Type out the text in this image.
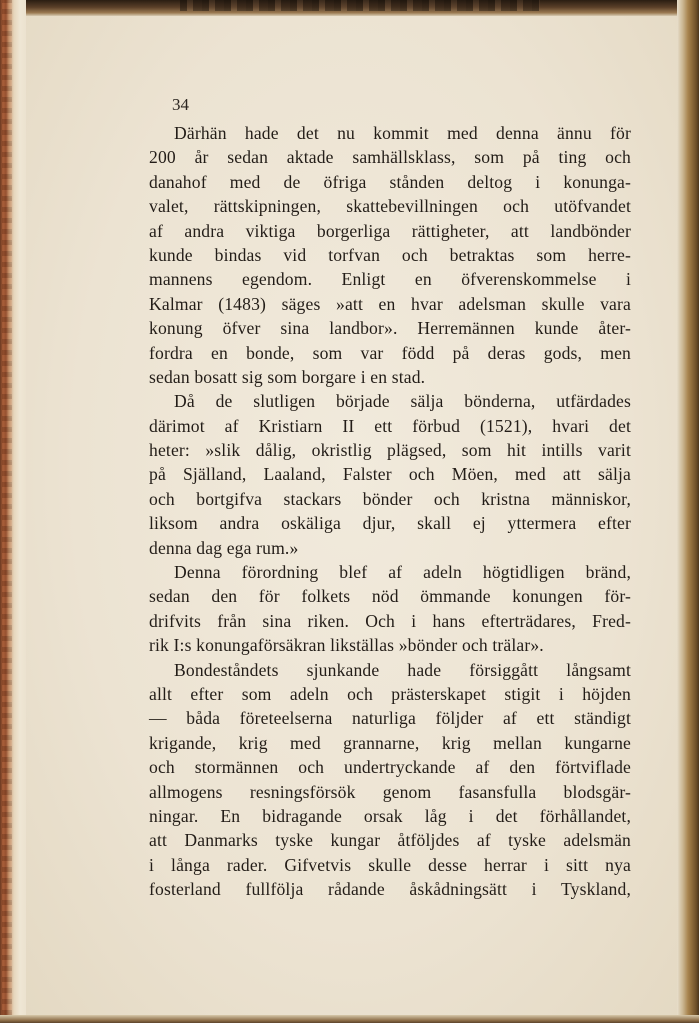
34
Därhän hade det nu kommit med denna ännu för
200 år sedan aktade samhällsklass, som på ting och
danahof med de öfriga stånden deltog i konunga-
valet, rättskipningen, skattebevillningen och utöfvandet
af andra viktiga borgerliga rättigheter, att landbönder
kunde bindas vid torfvan och betraktas som herre-
mannens egendom. Enligt en öfverenskommelse i
Kalmar (1483) säges »att en hvar adelsman skulle vara
konung öfver sina landbor». Herremännen kunde åter-
fordra en bonde, som var född på deras gods, men
sedan bosatt sig som borgare i en stad.
Då de slutligen började sälja bönderna, utfärdades
därimot af Kristiarn II ett förbud (1521), hvari det
heter: »slik dålig, okristlig plägsed, som hit intills varit
på Själland, Laaland, Falster och Möen, med att sälja
och bortgifva stackars bönder och kristna människor,
liksom andra oskäliga djur, skall ej yttermera efter
denna dag ega rum.»
Denna förordning blef af adeln högtidligen bränd,
sedan den för folkets nöd ömmande konungen för-
drifvits från sina riken. Och i hans efterträdares, Fred-
rik I:s konungaförsäkran likställas »bönder och trälar».
Bondeståndets sjunkande hade försiggått långsamt
allt efter som adeln och prästerskapet stigit i höjden
— båda företeelserna naturliga följder af ett ständigt
krigande, krig med grannarne, krig mellan kungarne
och stormännen och undertryckande af den förtviflade
allmogens resningsförsök genom fasansfulla blodsgär-
ningar. En bidragande orsak låg i det förhållandet,
att Danmarks tyske kungar åtföljdes af tyske adelsmän
i långa rader. Gifvetvis skulle desse herrar i sitt nya
fosterland fullfölja rådande åskådningsätt i Tyskland,
